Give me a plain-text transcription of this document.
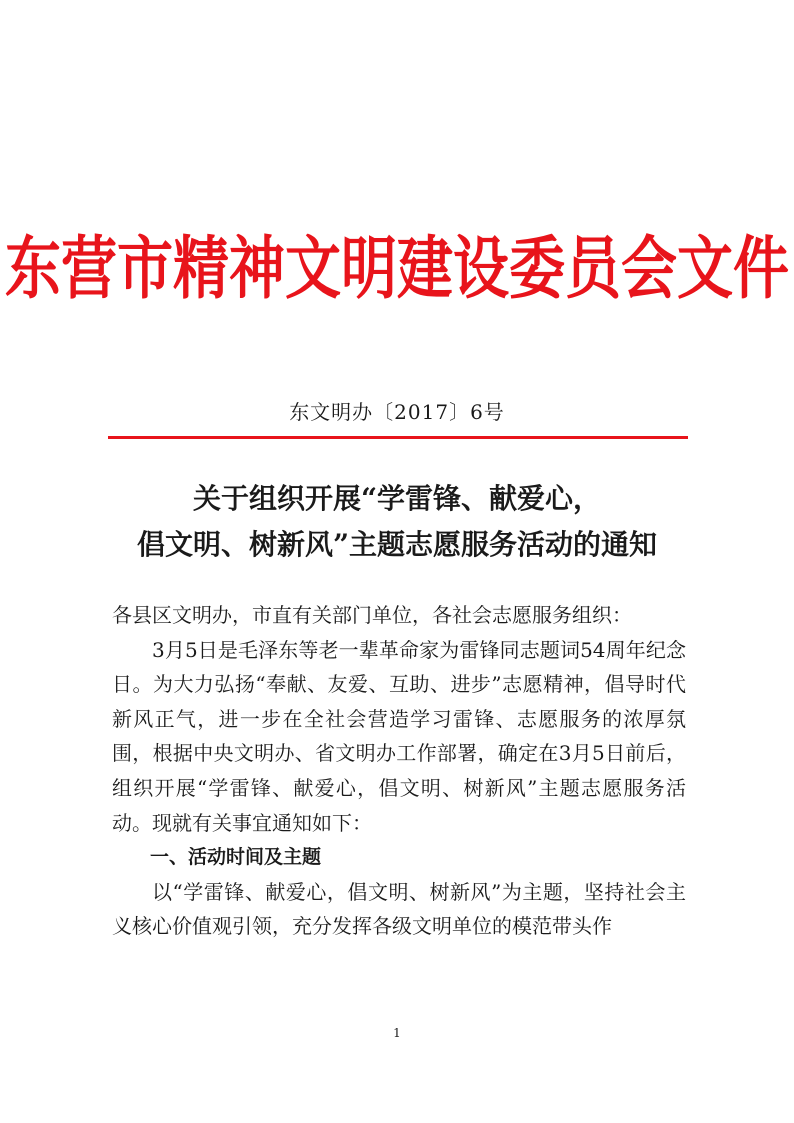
东营市精神文明建设委员会文件
东文明办〔2017〕6号
关于组织开展“学雷锋、献爱心，
倡文明、树新风”主题志愿服务活动的通知

各县区文明办，市直有关部门单位，各社会志愿服务组织：

3月5日是毛泽东等老一辈革命家为雷锋同志题词54周年纪念日。为大力弘扬“奉献、友爱、互助、进步”志愿精神，倡导时代新风正气，进一步在全社会营造学习雷锋、志愿服务的浓厚氛围，根据中央文明办、省文明办工作部署，确定在3月5日前后，组织开展“学雷锋、献爱心，倡文明、树新风”主题志愿服务活动。现就有关事宜通知如下：

一、活动时间及主题

以“学雷锋、献爱心，倡文明、树新风”为主题，坚持社会主义核心价值观引领，充分发挥各级文明单位的模范带头作

1
